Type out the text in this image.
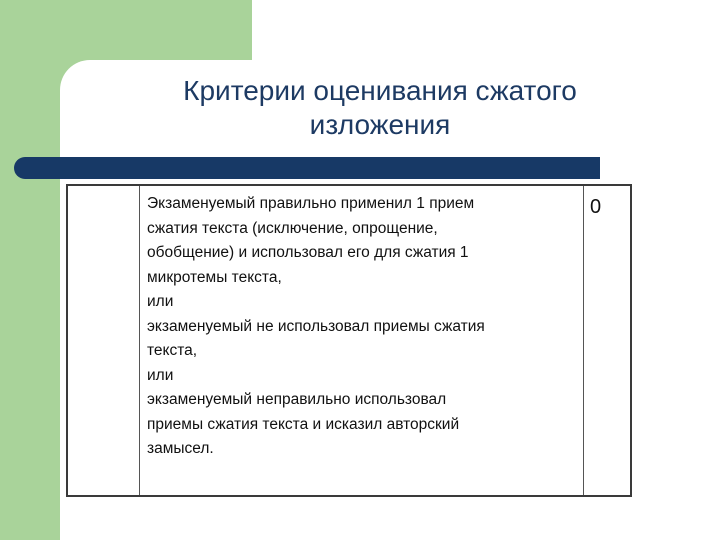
Критерии оценивания сжатого
изложения
Экзаменуемый правильно применил 1 прием
сжатия текста (исключение, опрощение,
обобщение) и использовал его для сжатия 1
микротемы текста,
или
экзаменуемый не использовал приемы сжатия
текста,
или
экзаменуемый неправильно использовал
приемы сжатия текста и исказил авторский
замысел.
0
